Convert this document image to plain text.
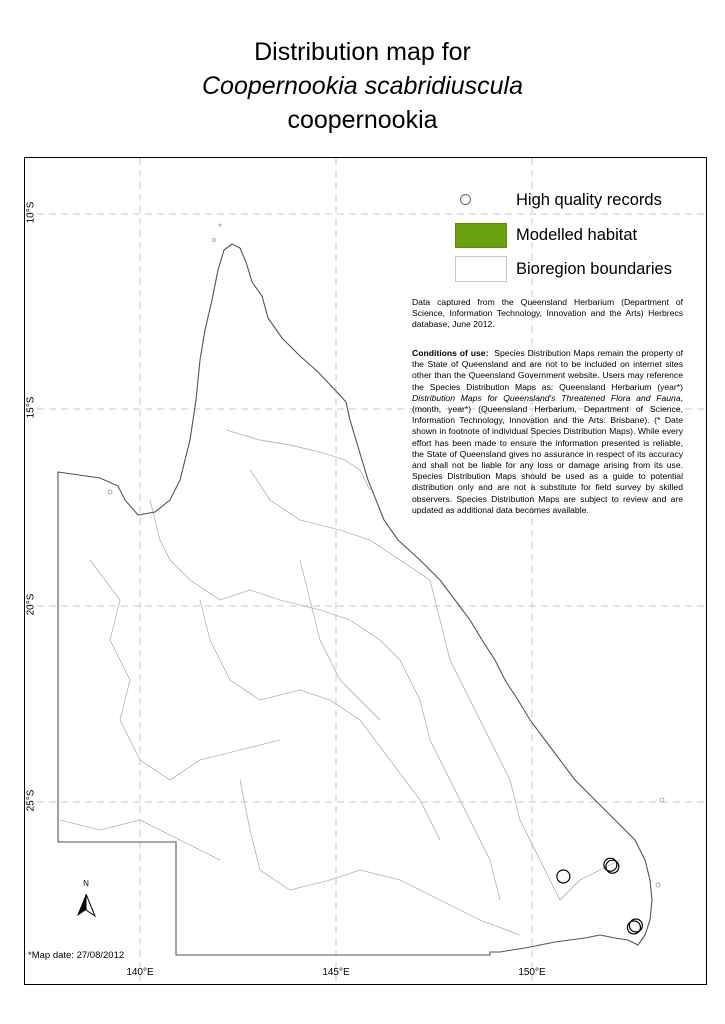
Distribution map for
Coopernookia scabridiuscula
coopernookia
N
High quality records
Modelled habitat
Bioregion boundaries
Data captured from the Queensland Herbarium (Department of Science, Information Technology, Innovation and the Arts) Herbrecs database, June 2012.
Conditions of use: Species Distribution Maps remain the property of the State of Queensland and are not to be included on internet sites other than the Queensland Government website. Users may reference the Species Distribution Maps as: Queensland Herbarium (year*) Distribution Maps for Queensland's Threatened Flora and Fauna, (month, year*) (Queensland Herbarium, Department of Science, Information Technology, Innovation and the Arts: Brisbane). (* Date shown in footnote of individual Species Distribution Maps). While every effort has been made to ensure the information presented is reliable, the State of Queensland gives no assurance in respect of its accuracy and shall not be liable for any loss or damage arising from its use. Species Distribution Maps should be used as a guide to potential distribution only and are not a substitute for field survey by skilled observers. Species Distribution Maps are subject to review and are updated as additional data becomes available.
*Map date: 27/08/2012
140°E	145°E	150°E
10°S
15°S
20°S
25°S
